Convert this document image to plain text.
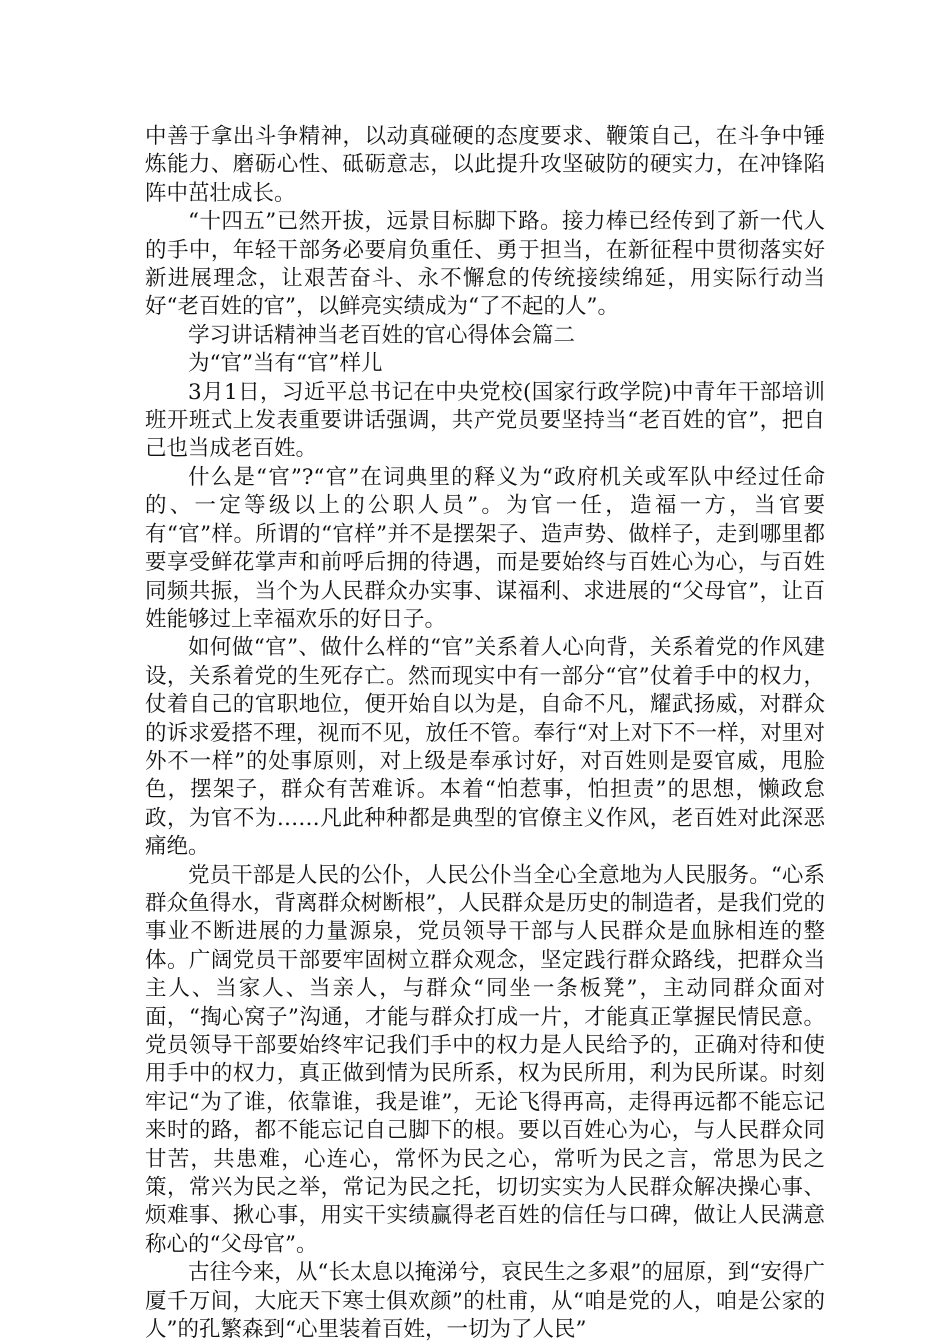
中善于拿出斗争精神，以动真碰硬的态度要求、鞭策自己，在斗争中锤炼能力、磨砺心性、砥砺意志，以此提升攻坚破防的硬实力，在冲锋陷阵中茁壮成长。

“十四五”已然开拔，远景目标脚下路。接力棒已经传到了新一代人的手中，年轻干部务必要肩负重任、勇于担当，在新征程中贯彻落实好新进展理念，让艰苦奋斗、永不懈怠的传统接续绵延，用实际行动当好“老百姓的官”，以鲜亮实绩成为“了不起的人”。

学习讲话精神当老百姓的官心得体会篇二

为“官”当有“官”样儿

3月1日，习近平总书记在中央党校(国家行政学院)中青年干部培训班开班式上发表重要讲话强调，共产党员要坚持当“老百姓的官”，把自己也当成老百姓。

什么是“官”?“官”在词典里的释义为“政府机关或军队中经过任命的、一定等级以上的公职人员”。为官一任，造福一方，当官要有“官”样。所谓的“官样”并不是摆架子、造声势、做样子，走到哪里都要享受鲜花掌声和前呼后拥的待遇，而是要始终与百姓心为心，与百姓同频共振，当个为人民群众办实事、谋福利、求进展的“父母官”，让百姓能够过上幸福欢乐的好日子。

如何做“官”、做什么样的“官”关系着人心向背，关系着党的作风建设，关系着党的生死存亡。然而现实中有一部分“官”仗着手中的权力，仗着自己的官职地位，便开始自以为是，自命不凡，耀武扬威，对群众的诉求爱搭不理，视而不见，放任不管。奉行“对上对下不一样，对里对外不一样”的处事原则，对上级是奉承讨好，对百姓则是耍官威，甩脸色，摆架子，群众有苦难诉。本着“怕惹事，怕担责”的思想，懒政怠政，为官不为……凡此种种都是典型的官僚主义作风，老百姓对此深恶痛绝。

党员干部是人民的公仆，人民公仆当全心全意地为人民服务。“心系群众鱼得水，背离群众树断根”，人民群众是历史的制造者，是我们党的事业不断进展的力量源泉，党员领导干部与人民群众是血脉相连的整体。广阔党员干部要牢固树立群众观念，坚定践行群众路线，把群众当主人、当家人、当亲人，与群众“同坐一条板凳”，主动同群众面对面，“掏心窝子”沟通，才能与群众打成一片，才能真正掌握民情民意。党员领导干部要始终牢记我们手中的权力是人民给予的，正确对待和使用手中的权力，真正做到情为民所系，权为民所用，利为民所谋。时刻牢记“为了谁，依靠谁，我是谁”，无论飞得再高，走得再远都不能忘记来时的路，都不能忘记自己脚下的根。要以百姓心为心，与人民群众同甘苦，共患难，心连心，常怀为民之心，常听为民之言，常思为民之策，常兴为民之举，常记为民之托，切切实实为人民群众解决操心事、烦难事、揪心事，用实干实绩赢得老百姓的信任与口碑，做让人民满意称心的“父母官”。

古往今来，从“长太息以掩涕兮，哀民生之多艰”的屈原，到“安得广厦千万间，大庇天下寒士俱欢颜”的杜甫，从“咱是党的人，咱是公家的人”的孔繁森到“心里装着百姓，一切为了人民”
